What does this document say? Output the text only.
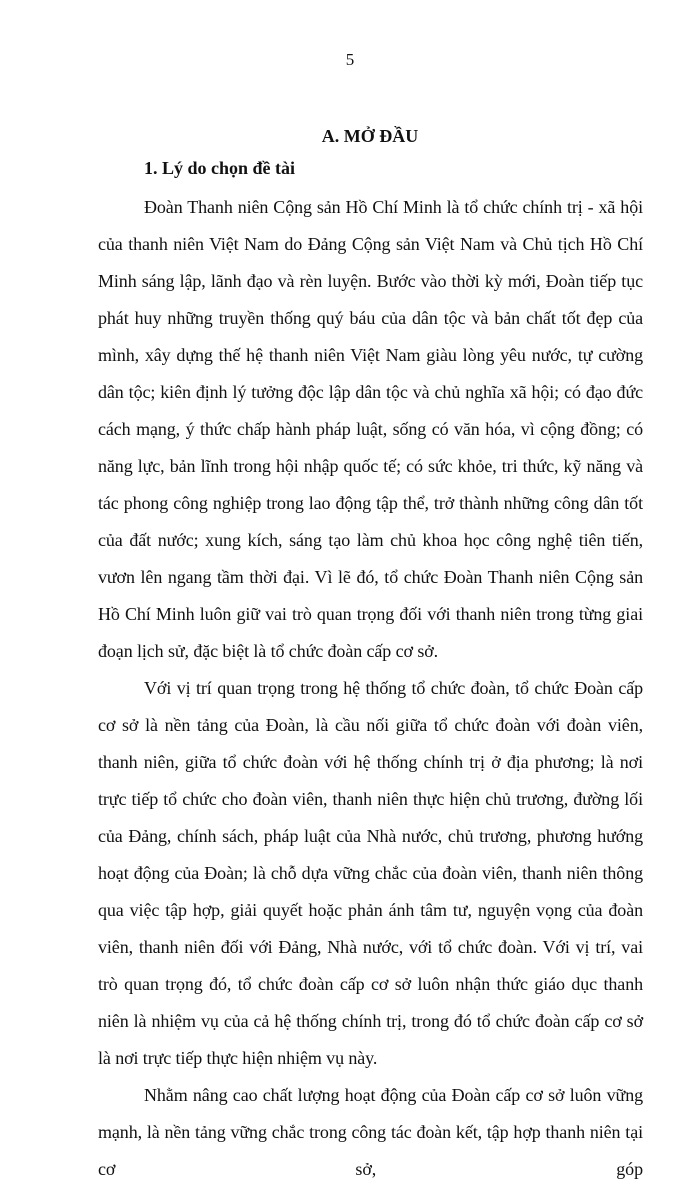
5
A. MỞ ĐẦU
1. Lý do chọn đề tài

Đoàn Thanh niên Cộng sản Hồ Chí Minh là tổ chức chính trị - xã hội của thanh niên Việt Nam do Đảng Cộng sản Việt Nam và Chủ tịch Hồ Chí Minh sáng lập, lãnh đạo và rèn luyện. Bước vào thời kỳ mới, Đoàn tiếp tục phát huy những truyền thống quý báu của dân tộc và bản chất tốt đẹp của mình, xây dựng thế hệ thanh niên Việt Nam giàu lòng yêu nước, tự cường dân tộc; kiên định lý tưởng độc lập dân tộc và chủ nghĩa xã hội; có đạo đức cách mạng, ý thức chấp hành pháp luật, sống có văn hóa, vì cộng đồng; có năng lực, bản lĩnh trong hội nhập quốc tế; có sức khỏe, tri thức, kỹ năng và tác phong công nghiệp trong lao động tập thể, trở thành những công dân tốt của đất nước; xung kích, sáng tạo làm chủ khoa học công nghệ tiên tiến, vươn lên ngang tầm thời đại. Vì lẽ đó, tổ chức Đoàn Thanh niên Cộng sản Hồ Chí Minh luôn giữ vai trò quan trọng đối với thanh niên trong từng giai đoạn lịch sử, đặc biệt là tổ chức đoàn cấp cơ sở.

Với vị trí quan trọng trong hệ thống tổ chức đoàn, tổ chức Đoàn cấp cơ sở là nền tảng của Đoàn, là cầu nối giữa tổ chức đoàn với đoàn viên, thanh niên, giữa tổ chức đoàn với hệ thống chính trị ở địa phương; là nơi trực tiếp tổ chức cho đoàn viên, thanh niên thực hiện chủ trương, đường lối của Đảng, chính sách, pháp luật của Nhà nước, chủ trương, phương hướng hoạt động của Đoàn; là chỗ dựa vững chắc của đoàn viên, thanh niên thông qua việc tập hợp, giải quyết hoặc phản ánh tâm tư, nguyện vọng của đoàn viên, thanh niên đối với Đảng, Nhà nước, với tổ chức đoàn. Với vị trí, vai trò quan trọng đó, tổ chức đoàn cấp cơ sở luôn nhận thức giáo dục thanh niên là nhiệm vụ của cả hệ thống chính trị, trong đó tổ chức đoàn cấp cơ sở là nơi trực tiếp thực hiện nhiệm vụ này.

Nhằm nâng cao chất lượng hoạt động của Đoàn cấp cơ sở luôn vững mạnh, là nền tảng vững chắc trong công tác đoàn kết, tập hợp thanh niên tại cơ sở, góp
